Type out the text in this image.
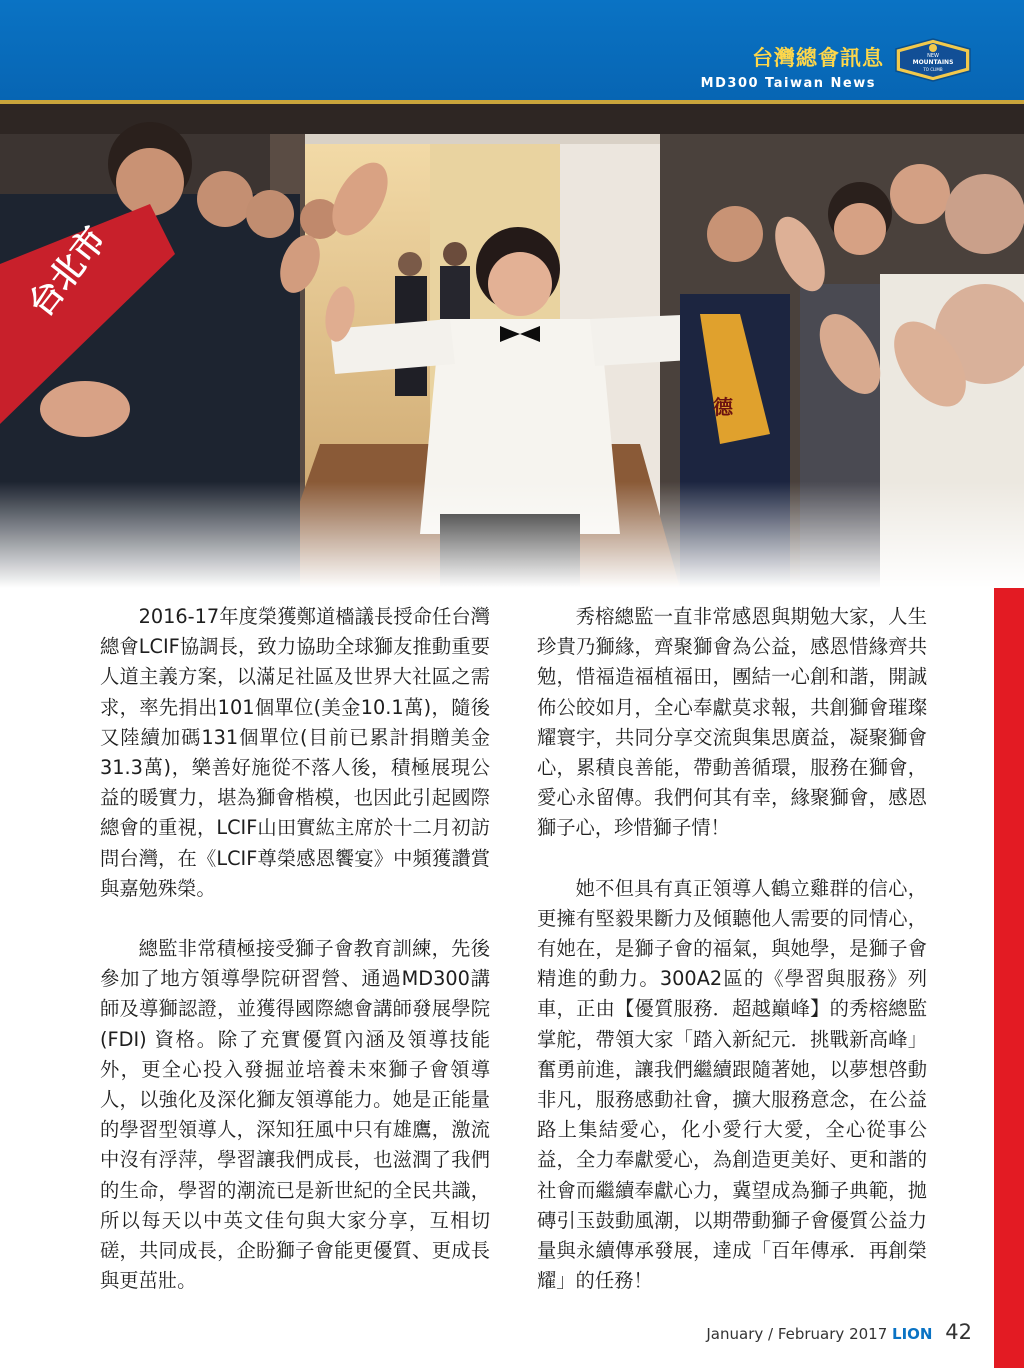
台灣總會訊息
MD300 Taiwan News
NEW
MOUNTAINS
TO CLIMB

2016-17年度榮獲鄭道檣議長授命任台灣總會LCIF協調長，致力協助全球獅友推動重要人道主義方案，以滿足社區及世界大社區之需求，率先捐出101個單位(美金10.1萬)，隨後又陸續加碼131個單位(目前已累計捐贈美金31.3萬)，樂善好施從不落人後，積極展現公益的暖實力，堪為獅會楷模，也因此引起國際總會的重視，LCIF山田實紘主席於十二月初訪問台灣，在《LCIF尊榮感恩饗宴》中頻獲讚賞與嘉勉殊榮。

總監非常積極接受獅子會教育訓練，先後參加了地方領導學院研習營、通過MD300講師及導獅認證，並獲得國際總會講師發展學院 (FDI) 資格。除了充實優質內涵及領導技能外，更全心投入發掘並培養未來獅子會領導人，以強化及深化獅友領導能力。她是正能量的學習型領導人，深知狂風中只有雄鷹，激流中沒有浮萍，學習讓我們成長，也滋潤了我們的生命，學習的潮流已是新世紀的全民共識，所以每天以中英文佳句與大家分享，互相切磋，共同成長，企盼獅子會能更優質、更成長與更茁壯。

秀榕總監一直非常感恩與期勉大家，人生珍貴乃獅緣，齊聚獅會為公益，感恩惜緣齊共勉，惜福造福植福田，團結一心創和諧，開誠佈公皎如月，全心奉獻莫求報，共創獅會璀璨耀寰宇，共同分享交流與集思廣益，凝聚獅會心，累積良善能，帶動善循環，服務在獅會，愛心永留傳。我們何其有幸，緣聚獅會，感恩獅子心，珍惜獅子情！

她不但具有真正領導人鶴立雞群的信心，更擁有堅毅果斷力及傾聽他人需要的同情心，有她在，是獅子會的福氣，與她學，是獅子會精進的動力。300A2區的《學習與服務》列車，正由【優質服務．超越巔峰】的秀榕總監掌舵，帶領大家「踏入新紀元．挑戰新高峰」奮勇前進，讓我們繼續跟隨著她，以夢想啓動非凡，服務感動社會，擴大服務意念，在公益路上集結愛心，化小愛行大愛，全心從事公益，全力奉獻愛心，為創造更美好、更和諧的社會而繼續奉獻心力，冀望成為獅子典範，拋磚引玉鼓動風潮，以期帶動獅子會優質公益力量與永續傳承發展，達成「百年傳承．再創榮耀」的任務！

January / February 2017 LION 42
